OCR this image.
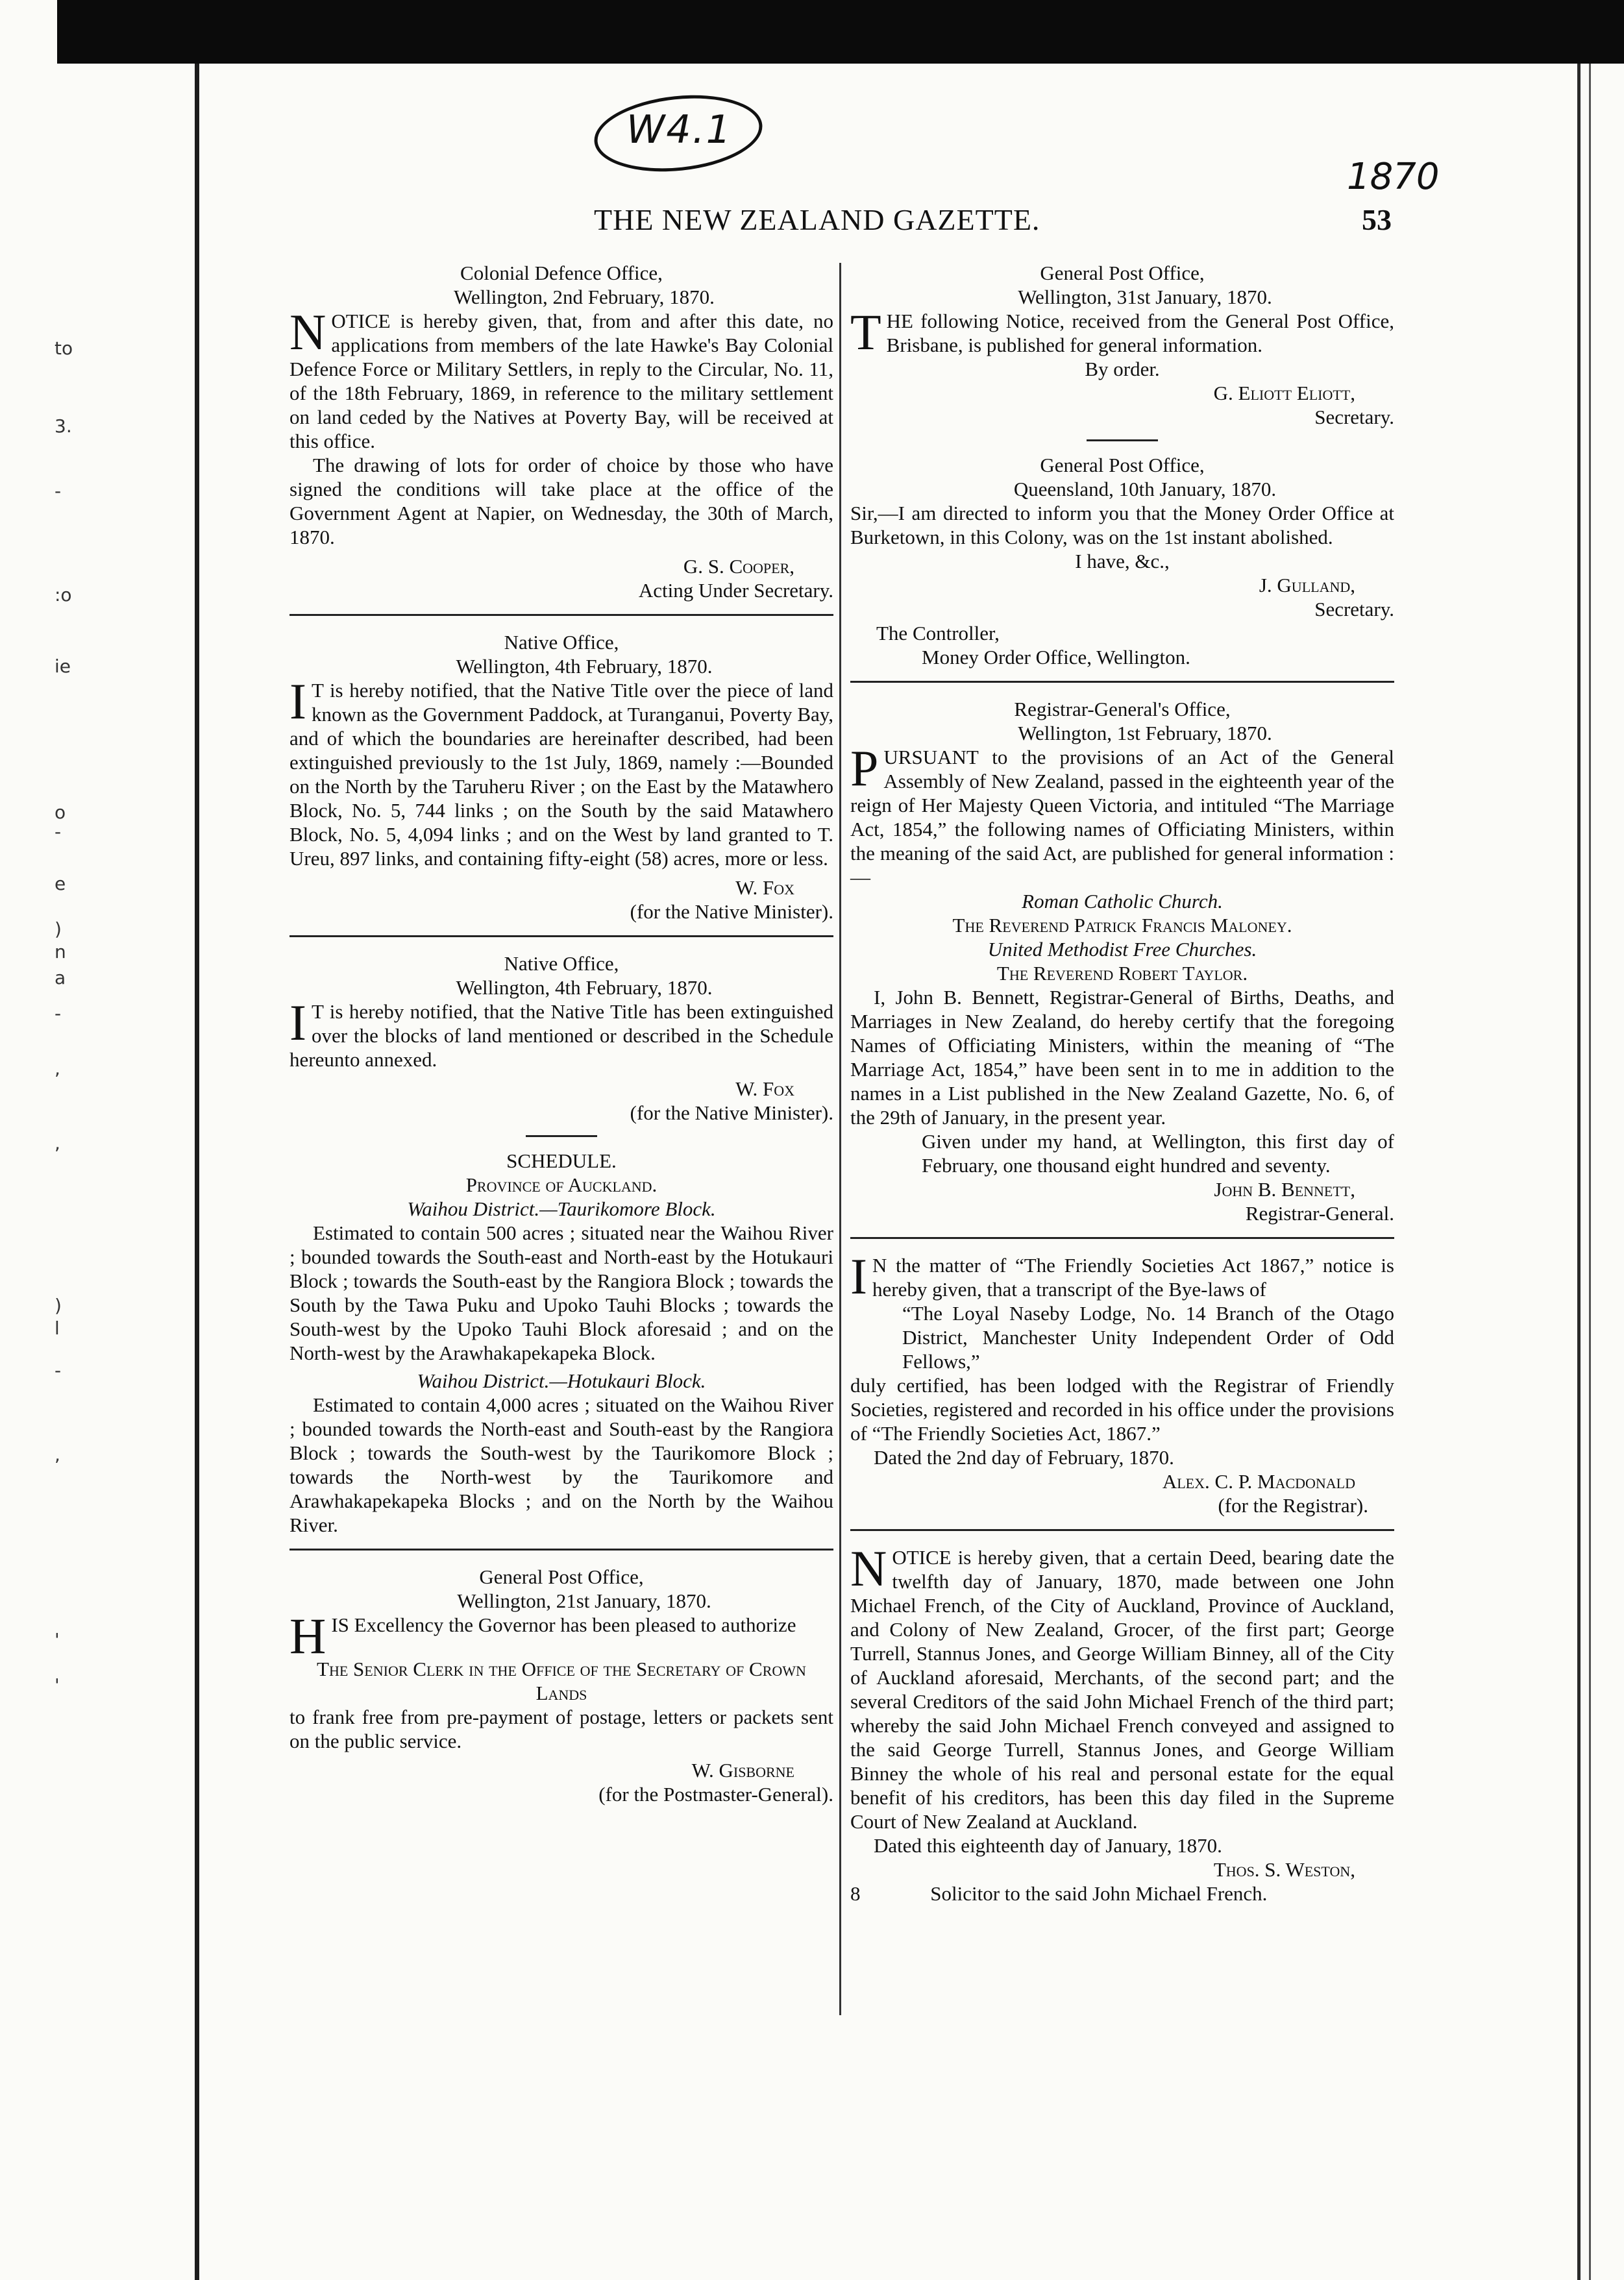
W4.1
1870
THE NEW ZEALAND GAZETTE.	53
to
3.
-
:o
ie
o
-
e
)
n
a
-
,
,
)
l
-
,
'
'
Colonial Defence Office,
Wellington, 2nd February, 1870.
NOTICE is hereby given, that, from and after this date, no applications from members of the late Hawke's Bay Colonial Defence Force or Military Settlers, in reply to the Circular, No. 11, of the 18th February, 1869, in reference to the military settlement on land ceded by the Natives at Poverty Bay, will be received at this office.
The drawing of lots for order of choice by those who have signed the conditions will take place at the office of the Government Agent at Napier, on Wednesday, the 30th of March, 1870.
G. S. Cooper,
Acting Under Secretary.
Native Office,
Wellington, 4th February, 1870.
I T is hereby notified, that the Native Title over the piece of land known as the Government Paddock, at Turanganui, Poverty Bay, and of which the boundaries are hereinafter described, had been extinguished previously to the 1st July, 1869, namely :—Bounded on the North by the Taruheru River ; on the East by the Matawhero Block, No. 5, 744 links ; on the South by the said Matawhero Block, No. 5, 4,094 links ; and on the West by land granted to T. Ureu, 897 links, and containing fifty-eight (58) acres, more or less.
W. Fox
(for the Native Minister).
Native Office,
Wellington, 4th February, 1870.
I T is hereby notified, that the Native Title has been extinguished over the blocks of land mentioned or described in the Schedule hereunto annexed.
W. Fox
(for the Native Minister).
SCHEDULE.
Province of Auckland.
Waihou District.—Taurikomore Block.
Estimated to contain 500 acres ; situated near the Waihou River ; bounded towards the South-east and North-east by the Hotukauri Block ; towards the South-east by the Rangiora Block ; towards the South by the Tawa Puku and Upoko Tauhi Blocks ; towards the South-west by the Upoko Tauhi Block aforesaid ; and on the North-west by the Arawhakapekapeka Block.
Waihou District.—Hotukauri Block.
Estimated to contain 4,000 acres ; situated on the Waihou River ; bounded towards the North-east and South-east by the Rangiora Block ; towards the South-west by the Taurikomore Block ; towards the North-west by the Taurikomore and Arawhakapekapeka Blocks ; and on the North by the Waihou River.
General Post Office,
Wellington, 21st January, 1870.
HIS Excellency the Governor has been pleased to authorize
The Senior Clerk in the Office of the Secretary of Crown Lands
to frank free from pre-payment of postage, letters or packets sent on the public service.
W. Gisborne
(for the Postmaster-General).
General Post Office,
Wellington, 31st January, 1870.
THE following Notice, received from the General Post Office, Brisbane, is published for general information.
By order.
G. Eliott Eliott,
Secretary.
General Post Office,
Queensland, 10th January, 1870.
Sir,—I am directed to inform you that the Money Order Office at Burketown, in this Colony, was on the 1st instant abolished.
I have, &c.,
J. Gulland,
Secretary.
The Controller,
Money Order Office, Wellington.
Registrar-General's Office,
Wellington, 1st February, 1870.
PURSUANT to the provisions of an Act of the General Assembly of New Zealand, passed in the eighteenth year of the reign of Her Majesty Queen Victoria, and intituled “The Marriage Act, 1854,” the following names of Officiating Ministers, within the meaning of the said Act, are published for general information :—
Roman Catholic Church.
The Reverend Patrick Francis Maloney.
United Methodist Free Churches.
The Reverend Robert Taylor.
I, John B. Bennett, Registrar-General of Births, Deaths, and Marriages in New Zealand, do hereby certify that the foregoing Names of Officiating Ministers, within the meaning of “The Marriage Act, 1854,” have been sent in to me in addition to the names in a List published in the New Zealand Gazette, No. 6, of the 29th of January, in the present year.
Given under my hand, at Wellington, this first day of February, one thousand eight hundred and seventy.
John B. Bennett,
Registrar-General.
I N the matter of “The Friendly Societies Act 1867,” notice is hereby given, that a transcript of the Bye-laws of
“The Loyal Naseby Lodge, No. 14 Branch of the Otago District, Manchester Unity Independent Order of Odd Fellows,”
duly certified, has been lodged with the Registrar of Friendly Societies, registered and recorded in his office under the provisions of “The Friendly Societies Act, 1867.”
Dated the 2nd day of February, 1870.
Alex. C. P. Macdonald
(for the Registrar).
NOTICE is hereby given, that a certain Deed, bearing date the twelfth day of January, 1870, made between one John Michael French, of the City of Auckland, Province of Auckland, and Colony of New Zealand, Grocer, of the first part; George Turrell, Stannus Jones, and George William Binney, all of the City of Auckland aforesaid, Merchants, of the second part; and the several Creditors of the said John Michael French of the third part; whereby the said John Michael French conveyed and assigned to the said George Turrell, Stannus Jones, and George William Binney the whole of his real and personal estate for the equal benefit of his creditors, has been this day filed in the Supreme Court of New Zealand at Auckland.
Dated this eighteenth day of January, 1870.
Thos. S. Weston,
8	Solicitor to the said John Michael French.
